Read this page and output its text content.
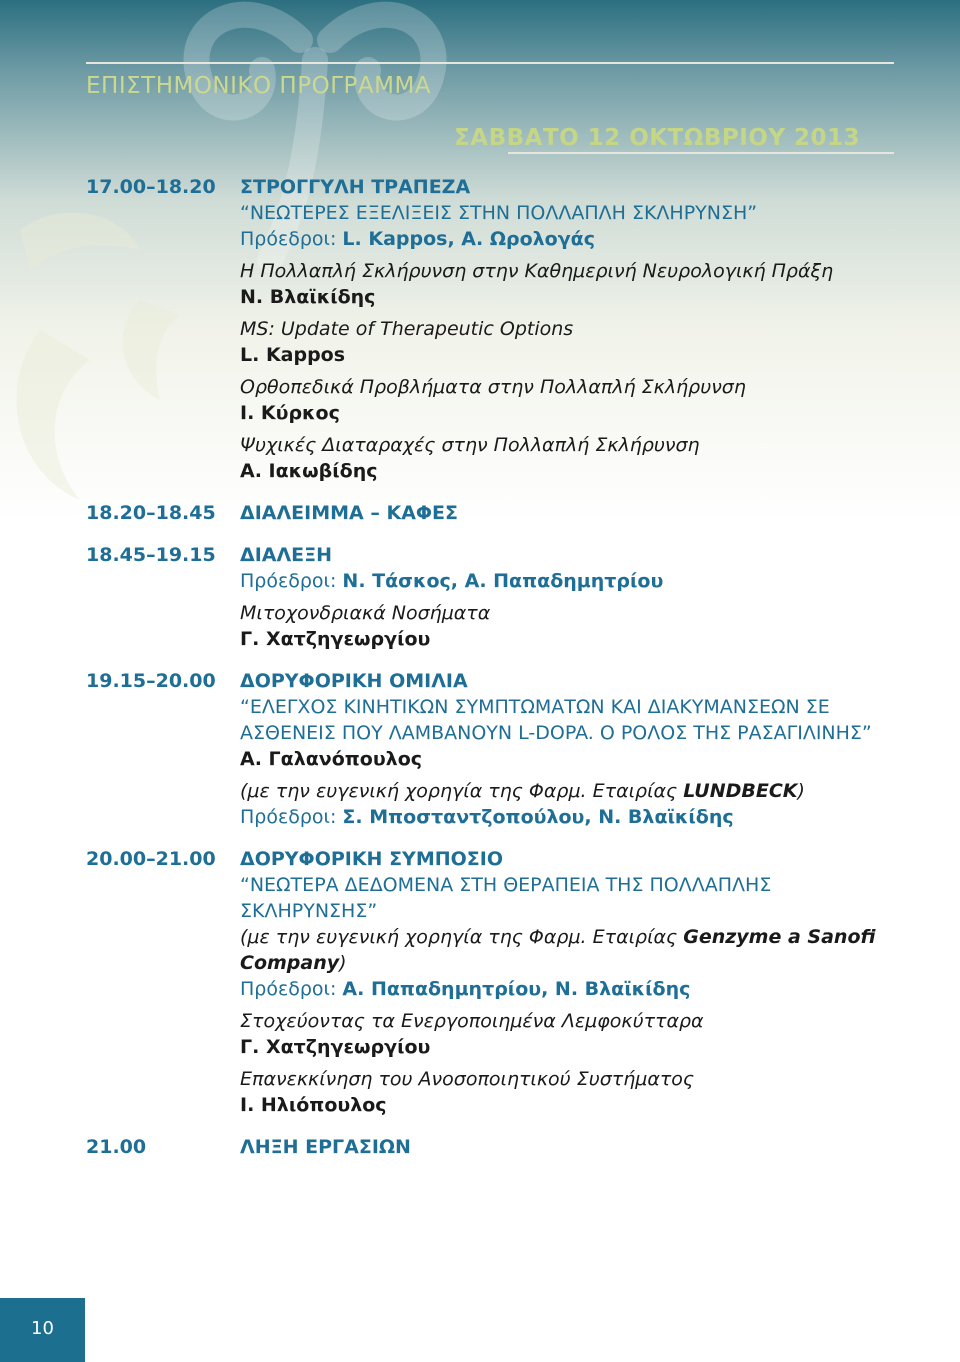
ΕΠΙΣΤΗΜΟΝΙΚΟ ΠΡΟΓΡΑΜΜΑ
ΣΑΒΒΑΤΟ 12 ΟΚΤΩΒΡΙΟΥ 2013
17.00–18.20	ΣΤΡΟΓΓΥΛΗ ΤΡΑΠΕΖΑ
“ΝΕΩΤΕΡΕΣ ΕΞΕΛΙΞΕΙΣ ΣΤΗΝ ΠΟΛΛΑΠΛΗ ΣΚΛΗΡΥΝΣΗ”
Πρόεδροι: L. Kappos, Α. Ωρολογάς
Η Πολλαπλή Σκλήρυνση στην Καθημερινή Νευρολογική Πράξη
Ν. Βλαϊκίδης
MS: Update of Therapeutic Options
L. Kappos
Ορθοπεδικά Προβλήματα στην Πολλαπλή Σκλήρυνση
Ι. Κύρκος
Ψυχικές Διαταραχές στην Πολλαπλή Σκλήρυνση
Α. Ιακωβίδης
18.20–18.45	ΔΙΑΛΕΙΜΜΑ – ΚΑΦΕΣ
18.45–19.15	ΔΙΑΛΕΞΗ
Πρόεδροι: Ν. Τάσκος, Α. Παπαδημητρίου
Μιτοχονδριακά Νοσήματα
Γ. Χατζηγεωργίου
19.15–20.00	ΔΟΡΥΦΟΡΙΚΗ ΟΜΙΛΙΑ
“ΕΛΕΓΧΟΣ ΚΙΝΗΤΙΚΩΝ ΣΥΜΠΤΩΜΑΤΩΝ ΚΑΙ ΔΙΑΚΥΜΑΝΣΕΩΝ ΣΕ ΑΣΘΕΝΕΙΣ ΠΟΥ ΛΑΜΒΑΝΟΥΝ L-DOPA. Ο ΡΟΛΟΣ ΤΗΣ ΡΑΣΑΓΙΛΙΝΗΣ”
Α. Γαλανόπουλος
(με την ευγενική χορηγία της Φαρμ. Εταιρίας LUNDBECK)
Πρόεδροι: Σ. Μποσταντζοπούλου, Ν. Βλαϊκίδης
20.00–21.00	ΔΟΡΥΦΟΡΙΚΗ ΣΥΜΠΟΣΙΟ
“ΝΕΩΤΕΡΑ ΔΕΔΟΜΕΝΑ ΣΤΗ ΘΕΡΑΠΕΙΑ ΤΗΣ ΠΟΛΛΑΠΛΗΣ ΣΚΛΗΡΥΝΣΗΣ”
(με την ευγενική χορηγία της Φαρμ. Εταιρίας Genzyme a Sanofi Company)
Πρόεδροι: Α. Παπαδημητρίου, Ν. Βλαϊκίδης
Στοχεύοντας τα Ενεργοποιημένα Λεμφοκύτταρα
Γ. Χατζηγεωργίου
Επανεκκίνηση του Ανοσοποιητικού Συστήματος
Ι. Ηλιόπουλος
21.00	ΛΗΞΗ ΕΡΓΑΣΙΩΝ
10
